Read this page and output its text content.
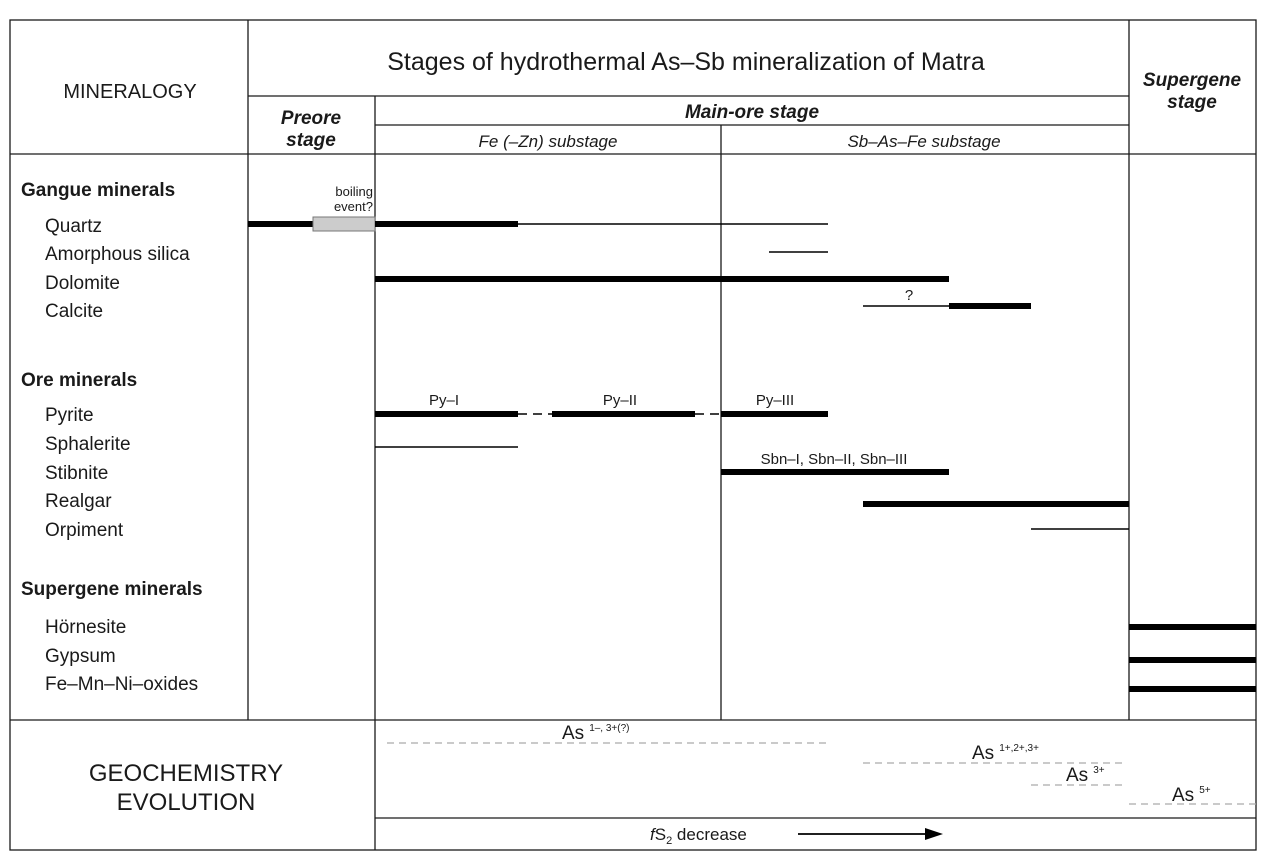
MINERALOGY
Stages of hydrothermal As–Sb mineralization of Matra
Supergene
stage
Preore
stage
Main-ore stage
Fe (–Zn) substage	Sb–As–Fe substage
Gangue minerals
Ore minerals
Supergene minerals
Quartz
Amorphous silica
Dolomite
Calcite
Pyrite
Sphalerite
Stibnite
Realgar
Orpiment
Hörnesite
Gypsum
Fe–Mn–Ni–oxides
boiling
event?
?
Py–I	Py–II	Py–III
Sbn–I, Sbn–II, Sbn–III
GEOCHEMISTRY
EVOLUTION
As $^{1-, 3+(?)}$
As $^{1+,2+,3+}$
As $^{3+}$
As $^{5+}$
$fS_2$ decrease
